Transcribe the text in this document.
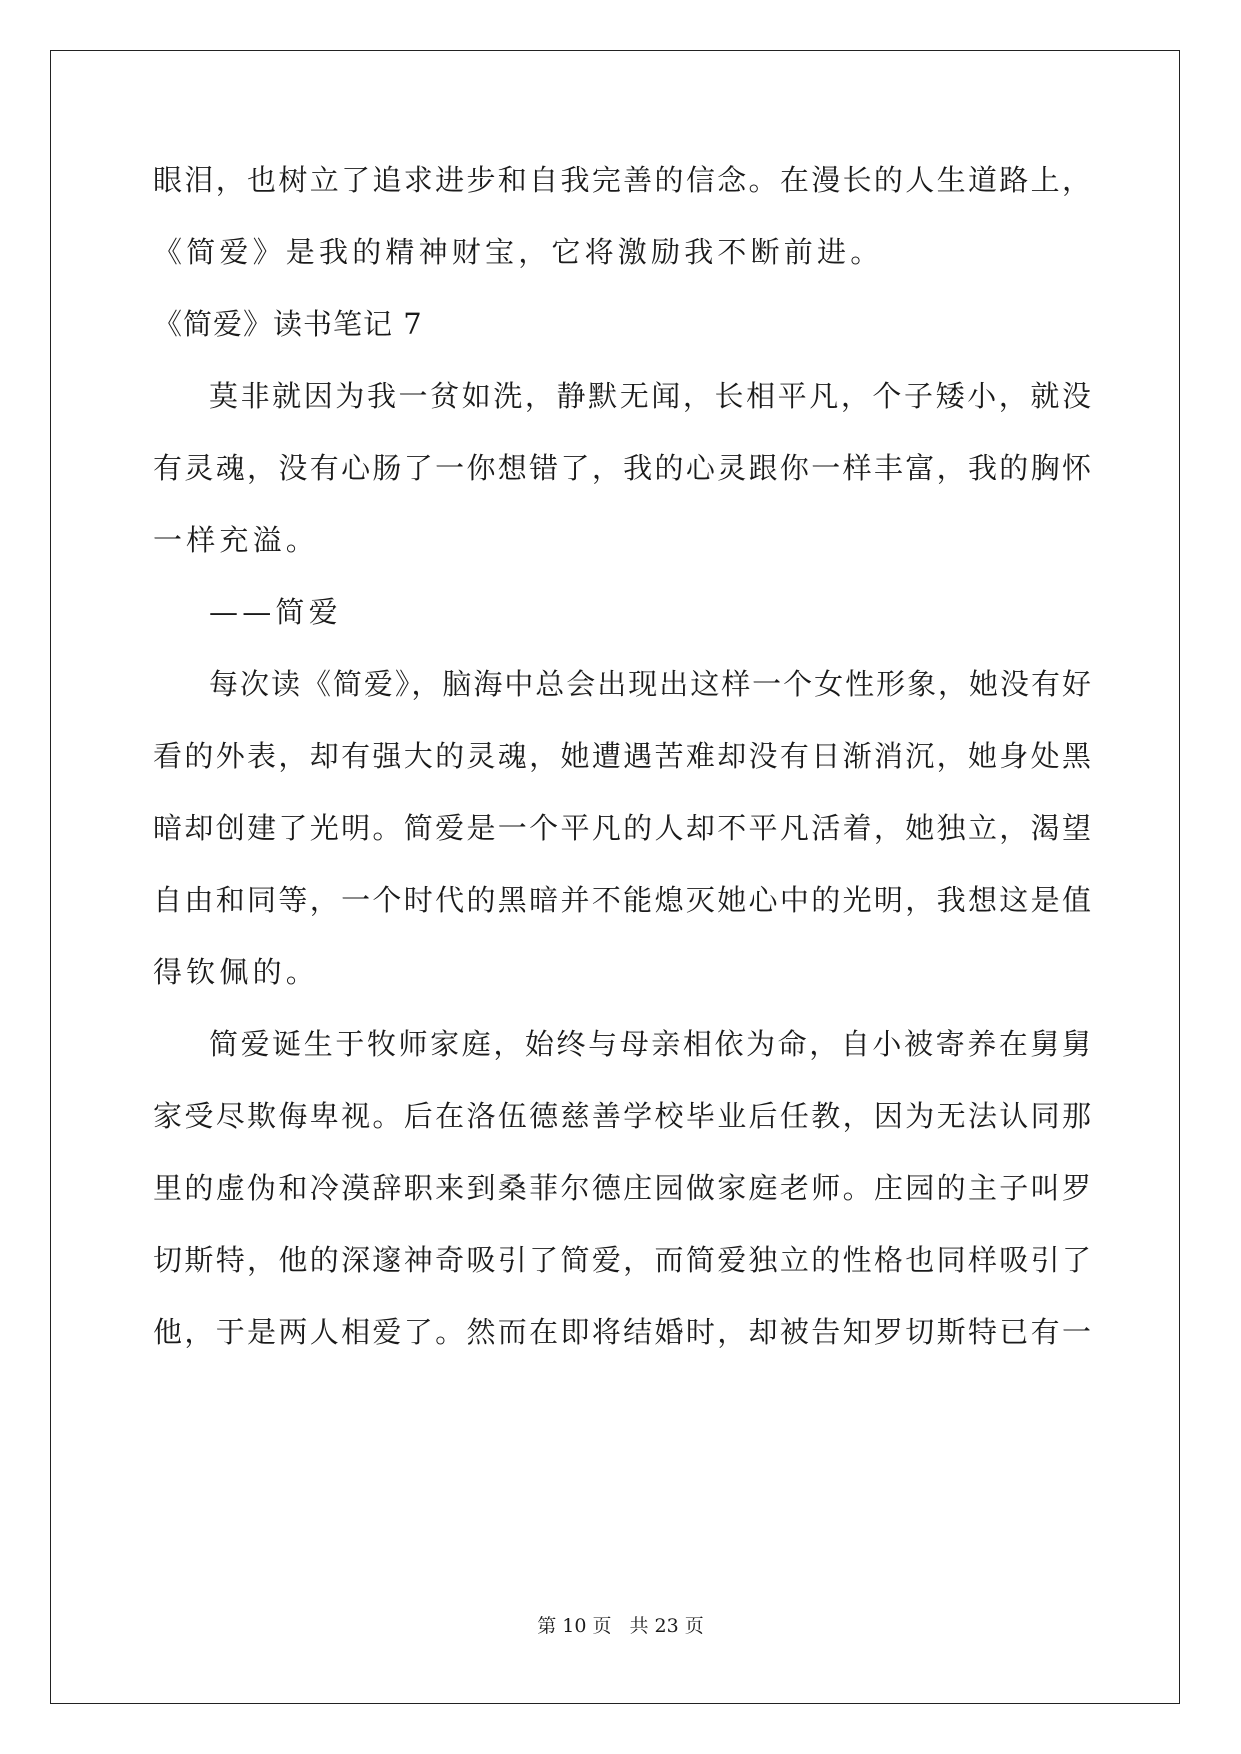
眼泪，也树立了追求进步和自我完善的信念。在漫长的人生道路上，
《简爱》是我的精神财宝，它将激励我不断前进。
《简爱》读书笔记 7
莫非就因为我一贫如洗，静默无闻，长相平凡，个子矮小，就没
有灵魂，没有心肠了一你想错了，我的心灵跟你一样丰富，我的胸怀
一样充溢。
——简爱
每次读《简爱》，脑海中总会出现出这样一个女性形象，她没有好
看的外表，却有强大的灵魂，她遭遇苦难却没有日渐消沉，她身处黑
暗却创建了光明。简爱是一个平凡的人却不平凡活着，她独立，渴望
自由和同等，一个时代的黑暗并不能熄灭她心中的光明，我想这是值
得钦佩的。
简爱诞生于牧师家庭，始终与母亲相依为命，自小被寄养在舅舅
家受尽欺侮卑视。后在洛伍德慈善学校毕业后任教，因为无法认同那
里的虚伪和冷漠辞职来到桑菲尔德庄园做家庭老师。庄园的主子叫罗
切斯特，他的深邃神奇吸引了简爱，而简爱独立的性格也同样吸引了
他，于是两人相爱了。然而在即将结婚时，却被告知罗切斯特已有一
第 10 页 共 23 页
